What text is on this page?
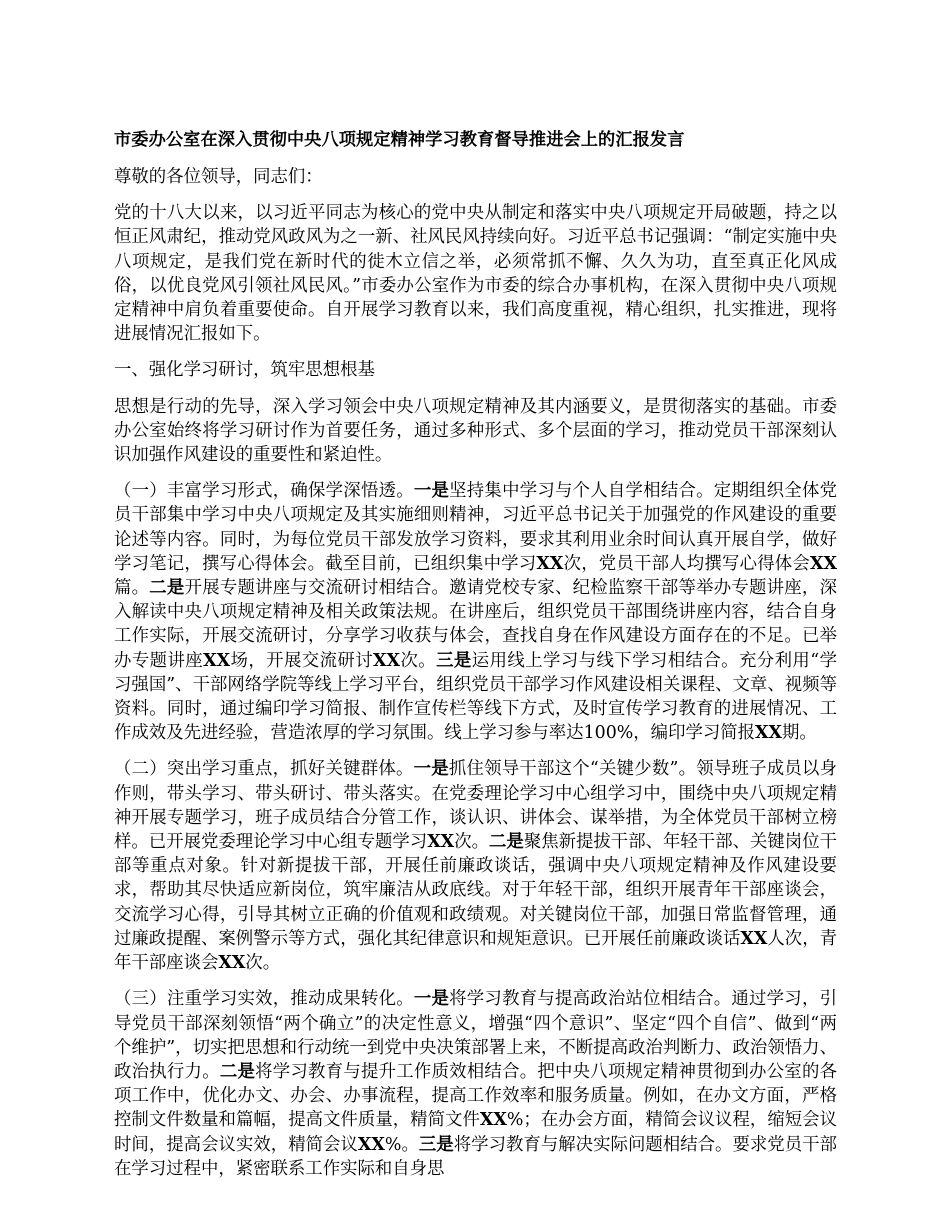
市委办公室在深入贯彻中央八项规定精神学习教育督导推进会上的汇报发言

尊敬的各位领导，同志们：

党的十八大以来，以习近平同志为核心的党中央从制定和落实中央八项规定开局破题，持之以恒正风肃纪，推动党风政风为之一新、社风民风持续向好。习近平总书记强调：“制定实施中央八项规定，是我们党在新时代的徙木立信之举，必须常抓不懈、久久为功，直至真正化风成俗，以优良党风引领社风民风。”市委办公室作为市委的综合办事机构，在深入贯彻中央八项规定精神中肩负着重要使命。自开展学习教育以来，我们高度重视，精心组织，扎实推进，现将进展情况汇报如下。

一、强化学习研讨，筑牢思想根基

思想是行动的先导，深入学习领会中央八项规定精神及其内涵要义，是贯彻落实的基础。市委办公室始终将学习研讨作为首要任务，通过多种形式、多个层面的学习，推动党员干部深刻认识加强作风建设的重要性和紧迫性。

（一）丰富学习形式，确保学深悟透。一是坚持集中学习与个人自学相结合。定期组织全体党员干部集中学习中央八项规定及其实施细则精神，习近平总书记关于加强党的作风建设的重要论述等内容。同时，为每位党员干部发放学习资料，要求其利用业余时间认真开展自学，做好学习笔记，撰写心得体会。截至目前，已组织集中学习XX次，党员干部人均撰写心得体会XX篇。二是开展专题讲座与交流研讨相结合。邀请党校专家、纪检监察干部等举办专题讲座，深入解读中央八项规定精神及相关政策法规。在讲座后，组织党员干部围绕讲座内容，结合自身工作实际，开展交流研讨，分享学习收获与体会，查找自身在作风建设方面存在的不足。已举办专题讲座XX场，开展交流研讨XX次。三是运用线上学习与线下学习相结合。充分利用“学习强国”、干部网络学院等线上学习平台，组织党员干部学习作风建设相关课程、文章、视频等资料。同时，通过编印学习简报、制作宣传栏等线下方式，及时宣传学习教育的进展情况、工作成效及先进经验，营造浓厚的学习氛围。线上学习参与率达100%，编印学习简报XX期。

（二）突出学习重点，抓好关键群体。一是抓住领导干部这个“关键少数”。领导班子成员以身作则，带头学习、带头研讨、带头落实。在党委理论学习中心组学习中，围绕中央八项规定精神开展专题学习，班子成员结合分管工作，谈认识、讲体会、谋举措，为全体党员干部树立榜样。已开展党委理论学习中心组专题学习XX次。二是聚焦新提拔干部、年轻干部、关键岗位干部等重点对象。针对新提拔干部，开展任前廉政谈话，强调中央八项规定精神及作风建设要求，帮助其尽快适应新岗位，筑牢廉洁从政底线。对于年轻干部，组织开展青年干部座谈会，交流学习心得，引导其树立正确的价值观和政绩观。对关键岗位干部，加强日常监督管理，通过廉政提醒、案例警示等方式，强化其纪律意识和规矩意识。已开展任前廉政谈话XX人次，青年干部座谈会XX次。

（三）注重学习实效，推动成果转化。一是将学习教育与提高政治站位相结合。通过学习，引导党员干部深刻领悟“两个确立”的决定性意义，增强“四个意识”、坚定“四个自信”、做到“两个维护”，切实把思想和行动统一到党中央决策部署上来，不断提高政治判断力、政治领悟力、政治执行力。二是将学习教育与提升工作质效相结合。把中央八项规定精神贯彻到办公室的各项工作中，优化办文、办会、办事流程，提高工作效率和服务质量。例如，在办文方面，严格控制文件数量和篇幅，提高文件质量，精简文件XX%；在办会方面，精简会议议程，缩短会议时间，提高会议实效，精简会议XX%。三是将学习教育与解决实际问题相结合。要求党员干部在学习过程中，紧密联系工作实际和自身思
